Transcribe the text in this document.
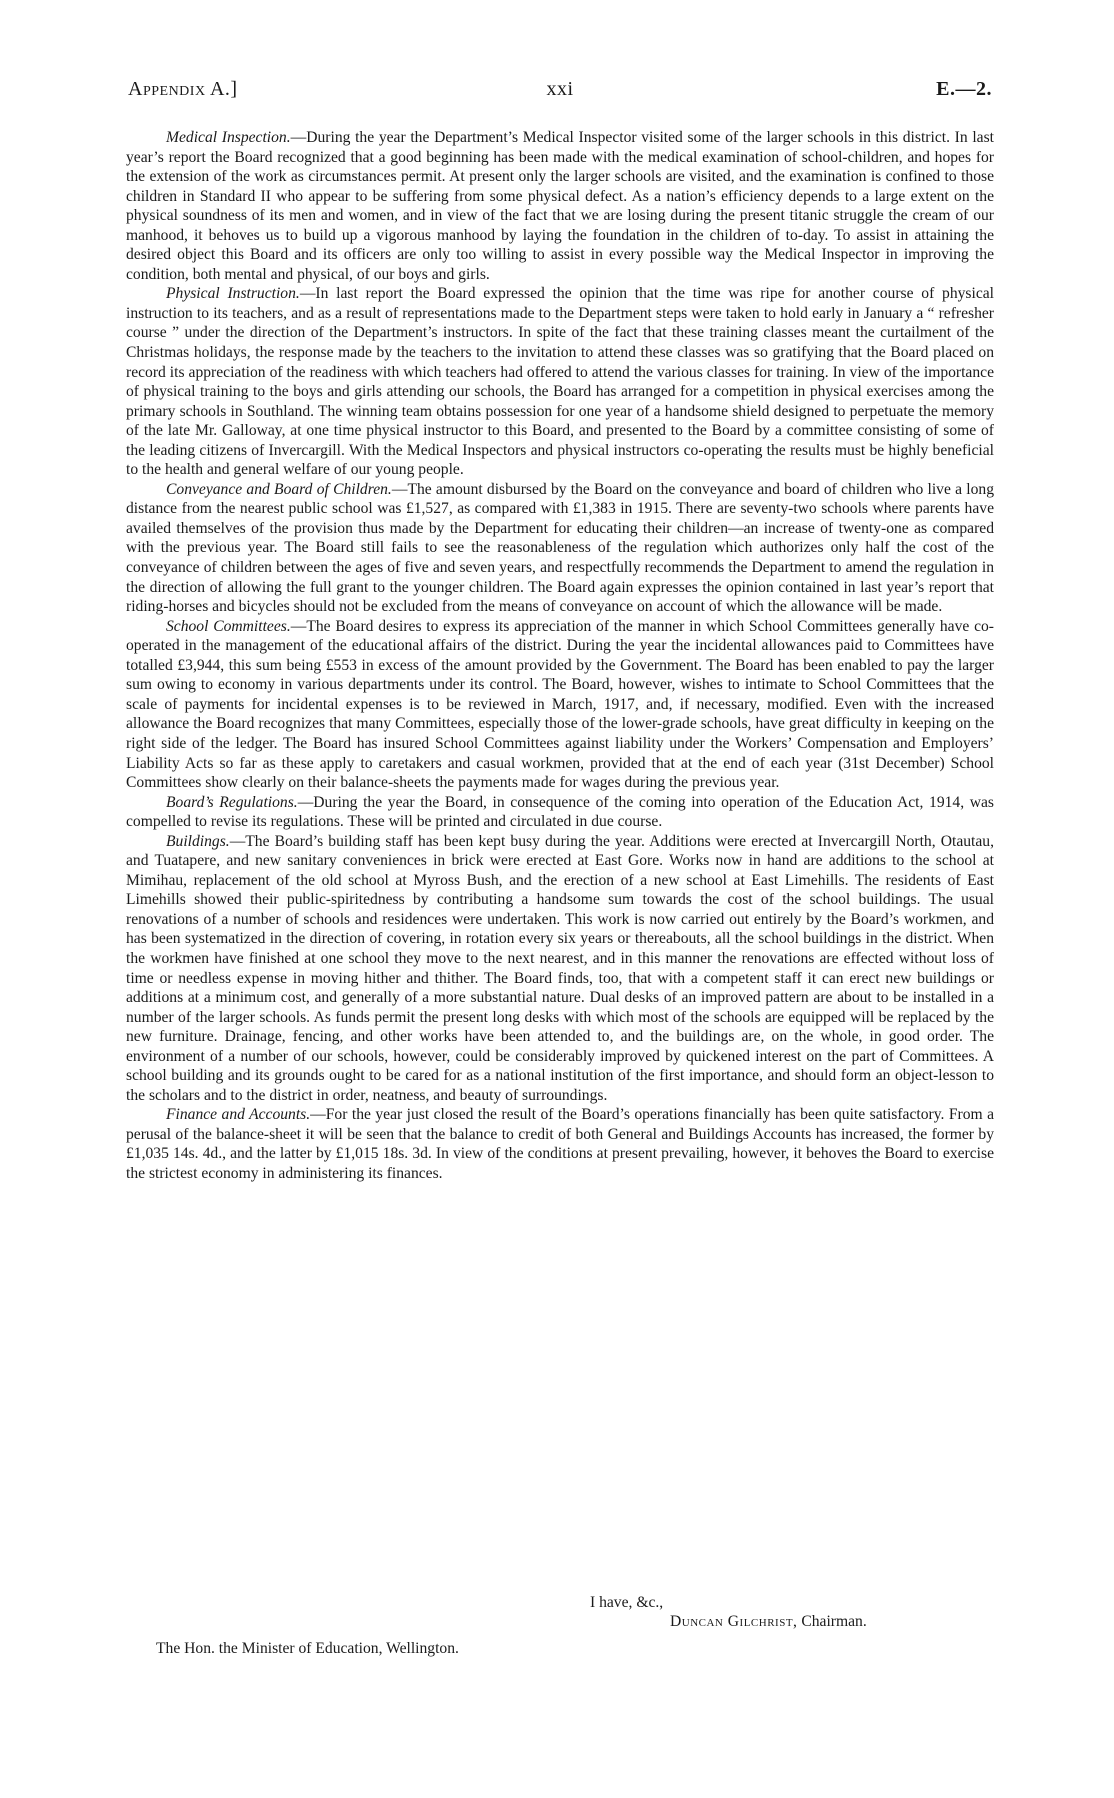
Appendix A.]	xxi	E.—2.

Medical Inspection.—During the year the Department’s Medical Inspector visited some of the larger schools in this district. In last year’s report the Board recognized that a good beginning has been made with the medical examination of school-children, and hopes for the extension of the work as circumstances permit. At present only the larger schools are visited, and the examination is confined to those children in Standard II who appear to be suffering from some physical defect. As a nation’s efficiency depends to a large extent on the physical soundness of its men and women, and in view of the fact that we are losing during the present titanic struggle the cream of our manhood, it behoves us to build up a vigorous manhood by laying the foundation in the children of to-day. To assist in attaining the desired object this Board and its officers are only too willing to assist in every possible way the Medical Inspector in improving the condition, both mental and physical, of our boys and girls.

Physical Instruction.—In last report the Board expressed the opinion that the time was ripe for another course of physical instruction to its teachers, and as a result of representations made to the Department steps were taken to hold early in January a “ refresher course ” under the direction of the Department’s instructors. In spite of the fact that these training classes meant the curtailment of the Christmas holidays, the response made by the teachers to the invitation to attend these classes was so gratifying that the Board placed on record its appreciation of the readiness with which teachers had offered to attend the various classes for training. In view of the importance of physical training to the boys and girls attending our schools, the Board has arranged for a competition in physical exercises among the primary schools in Southland. The winning team obtains possession for one year of a handsome shield designed to perpetuate the memory of the late Mr. Galloway, at one time physical instructor to this Board, and presented to the Board by a committee consisting of some of the leading citizens of Invercargill. With the Medical Inspectors and physical instructors co-operating the results must be highly beneficial to the health and general welfare of our young people.

Conveyance and Board of Children.—The amount disbursed by the Board on the conveyance and board of children who live a long distance from the nearest public school was £1,527, as compared with £1,383 in 1915. There are seventy-two schools where parents have availed themselves of the provision thus made by the Department for educating their children—an increase of twenty-one as compared with the previous year. The Board still fails to see the reasonableness of the regulation which authorizes only half the cost of the conveyance of children between the ages of five and seven years, and respectfully recommends the Department to amend the regulation in the direction of allowing the full grant to the younger children. The Board again expresses the opinion contained in last year’s report that riding-horses and bicycles should not be excluded from the means of conveyance on account of which the allowance will be made.

School Committees.—The Board desires to express its appreciation of the manner in which School Committees generally have co-operated in the management of the educational affairs of the district. During the year the incidental allowances paid to Committees have totalled £3,944, this sum being £553 in excess of the amount provided by the Government. The Board has been enabled to pay the larger sum owing to economy in various departments under its control. The Board, however, wishes to intimate to School Committees that the scale of payments for incidental expenses is to be reviewed in March, 1917, and, if necessary, modified. Even with the increased allowance the Board recognizes that many Committees, especially those of the lower-grade schools, have great difficulty in keeping on the right side of the ledger. The Board has insured School Committees against liability under the Workers’ Compensation and Employers’ Liability Acts so far as these apply to caretakers and casual workmen, provided that at the end of each year (31st December) School Committees show clearly on their balance-sheets the payments made for wages during the previous year.

Board’s Regulations.—During the year the Board, in consequence of the coming into operation of the Education Act, 1914, was compelled to revise its regulations. These will be printed and circulated in due course.

Buildings.—The Board’s building staff has been kept busy during the year. Additions were erected at Invercargill North, Otautau, and Tuatapere, and new sanitary conveniences in brick were erected at East Gore. Works now in hand are additions to the school at Mimihau, replacement of the old school at Myross Bush, and the erection of a new school at East Limehills. The residents of East Limehills showed their public-spiritedness by contributing a handsome sum towards the cost of the school buildings. The usual renovations of a number of schools and residences were undertaken. This work is now carried out entirely by the Board’s workmen, and has been systematized in the direction of covering, in rotation every six years or thereabouts, all the school buildings in the district. When the workmen have finished at one school they move to the next nearest, and in this manner the renovations are effected without loss of time or needless expense in moving hither and thither. The Board finds, too, that with a competent staff it can erect new buildings or additions at a minimum cost, and generally of a more substantial nature. Dual desks of an improved pattern are about to be installed in a number of the larger schools. As funds permit the present long desks with which most of the schools are equipped will be replaced by the new furniture. Drainage, fencing, and other works have been attended to, and the buildings are, on the whole, in good order. The environment of a number of our schools, however, could be considerably improved by quickened interest on the part of Committees. A school building and its grounds ought to be cared for as a national institution of the first importance, and should form an object-lesson to the scholars and to the district in order, neatness, and beauty of surroundings.

Finance and Accounts.—For the year just closed the result of the Board’s operations financially has been quite satisfactory. From a perusal of the balance-sheet it will be seen that the balance to credit of both General and Buildings Accounts has increased, the former by £1,035 14s. 4d., and the latter by £1,015 18s. 3d. In view of the conditions at present prevailing, however, it behoves the Board to exercise the strictest economy in administering its finances.

I have, &c.,
Duncan Gilchrist, Chairman.
The Hon. the Minister of Education, Wellington.
